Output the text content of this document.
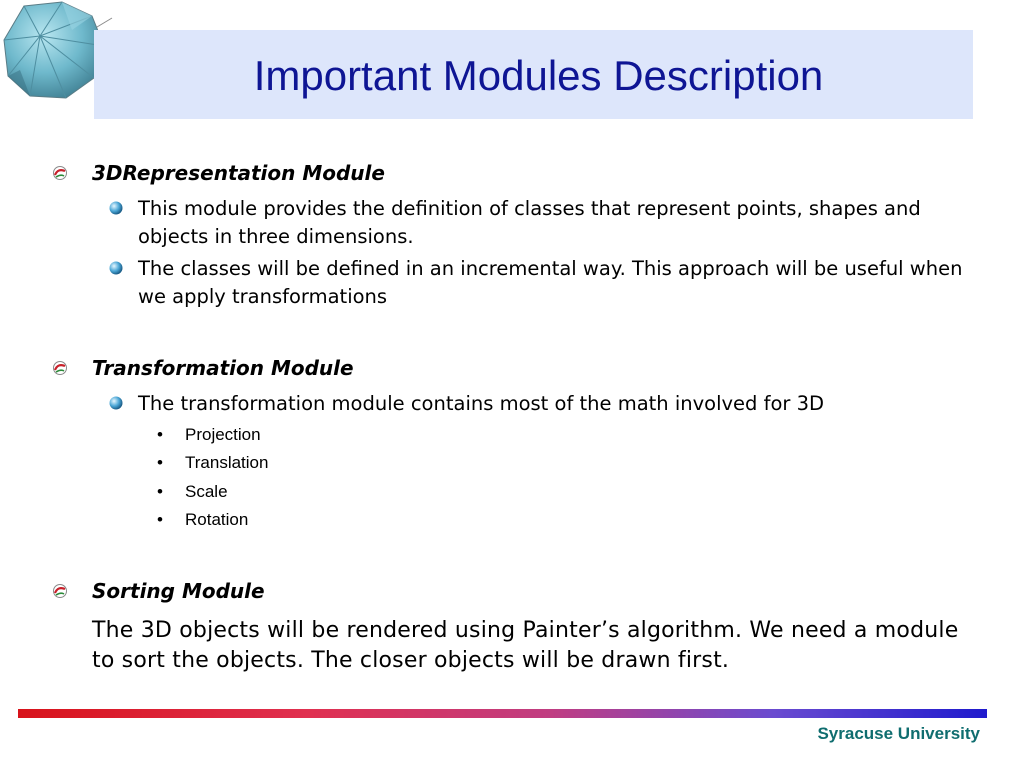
Important Modules Description
3DRepresentation Module
This module provides the definition of classes that represent points, shapes and objects in three dimensions.
The classes will be defined in an incremental way. This approach will be useful when we apply transformations
Transformation Module
The transformation module contains most of the math involved for 3D
• Projection
• Translation
• Scale
• Rotation
Sorting Module
The 3D objects will be rendered using Painter’s algorithm. We need a module to sort the objects. The closer objects will be drawn first.
Syracuse University
